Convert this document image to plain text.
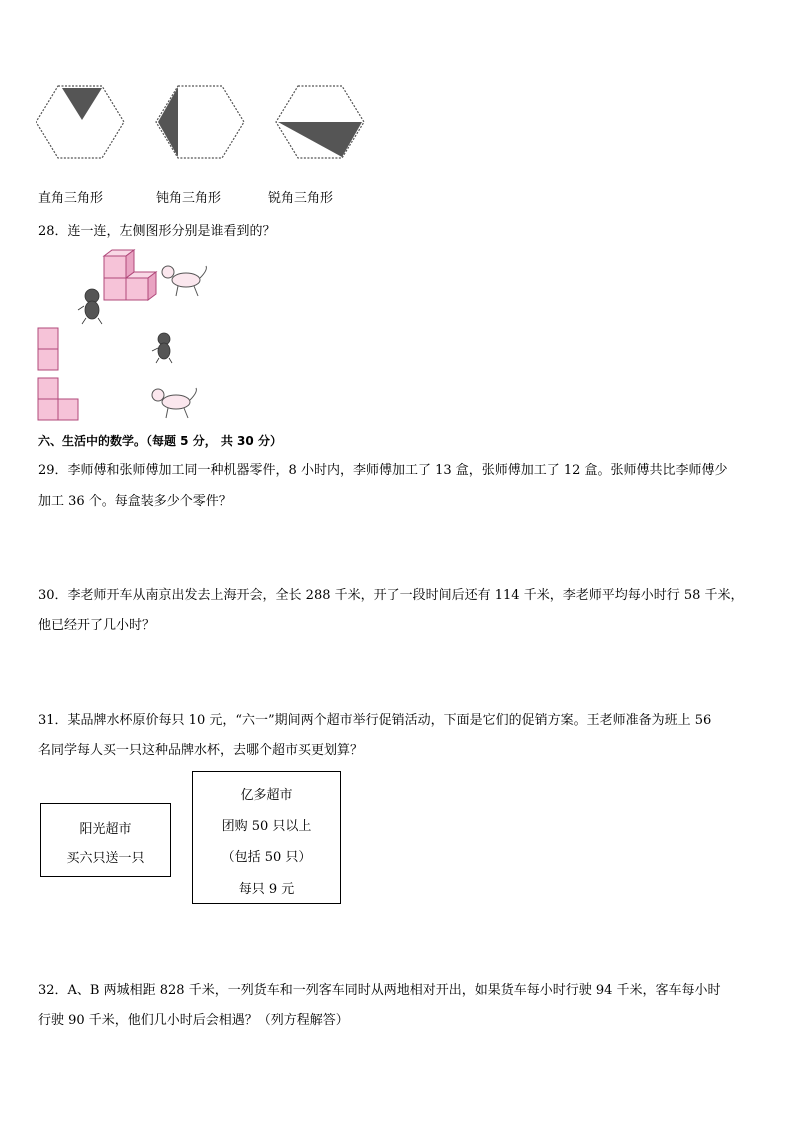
直角三角形	钝角三角形	锐角三角形
28．连一连，左侧图形分别是谁看到的？
六、生活中的数学。（每题 5 分， 共 30 分）
29．李师傅和张师傅加工同一种机器零件，8 小时内，李师傅加工了 13 盒，张师傅加工了 12 盒。张师傅共比李师傅少
加工 36 个。每盒装多少个零件？
30．李老师开车从南京出发去上海开会，全长 288 千米，开了一段时间后还有 114 千米，李老师平均每小时行 58 千米，
他已经开了几小时？
31．某品牌水杯原价每只 10 元，“六一”期间两个超市举行促销活动，下面是它们的促销方案。王老师准备为班上 56
名同学每人买一只这种品牌水杯，去哪个超市买更划算？
阳光超市
买六只送一只
亿多超市
团购 50 只以上
（包括 50 只）
每只 9 元
32．A、B 两城相距 828 千米，一列货车和一列客车同时从两地相对开出，如果货车每小时行驶 94 千米，客车每小时
行驶 90 千米，他们几小时后会相遇？（列方程解答）
